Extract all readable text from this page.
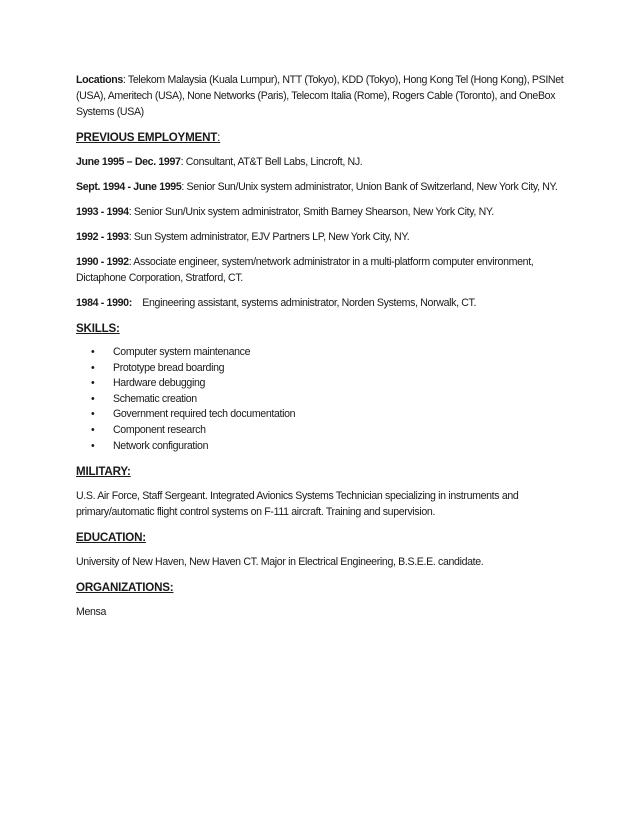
Locations: Telekom Malaysia (Kuala Lumpur), NTT (Tokyo), KDD (Tokyo), Hong Kong Tel (Hong Kong), PSINet (USA), Ameritech (USA), None Networks (Paris), Telecom Italia (Rome), Rogers Cable (Toronto), and OneBox Systems (USA)

PREVIOUS EMPLOYMENT:

June 1995 – Dec. 1997: Consultant, AT&T Bell Labs, Lincroft, NJ.

Sept. 1994 - June 1995: Senior Sun/Unix system administrator, Union Bank of Switzerland, New York City, NY.

1993 - 1994: Senior Sun/Unix system administrator, Smith Barney Shearson, New York City, NY.

1992 - 1993: Sun System administrator, EJV Partners LP, New York City, NY.

1990 - 1992: Associate engineer, system/network administrator in a multi-platform computer environment, Dictaphone Corporation, Stratford, CT.

1984 - 1990:    Engineering assistant, systems administrator, Norden Systems, Norwalk, CT.

SKILLS:
• Computer system maintenance
• Prototype bread boarding
• Hardware debugging
• Schematic creation
• Government required tech documentation
• Component research
• Network configuration
MILITARY:

U.S. Air Force, Staff Sergeant. Integrated Avionics Systems Technician specializing in instruments and primary/automatic flight control systems on F-111 aircraft. Training and supervision.

EDUCATION:

University of New Haven, New Haven CT. Major in Electrical Engineering, B.S.E.E. candidate.

ORGANIZATIONS:

Mensa
